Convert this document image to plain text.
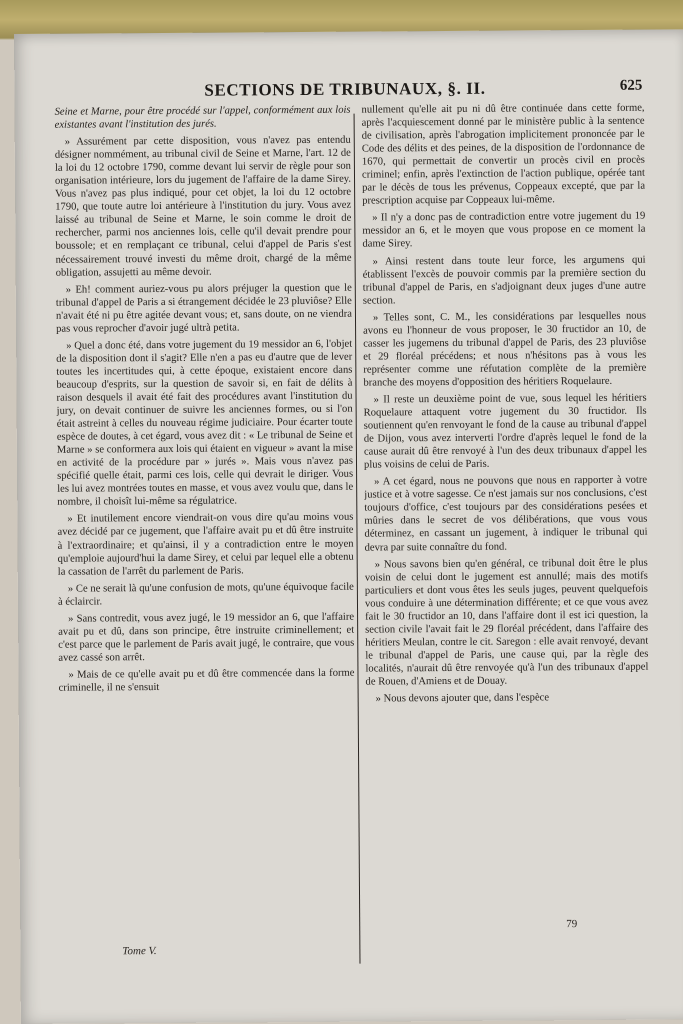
SECTIONS DE TRIBUNAUX, §. II.	625

Seine et Marne, pour être procédé sur l'appel, conformément aux lois existantes avant l'institution des jurés.

» Assurément par cette disposition, vous n'avez pas entendu désigner nommément, au tribunal civil de Seine et Marne, l'art. 12 de la loi du 12 octobre 1790, comme devant lui servir de règle pour son organisation intérieure, lors du jugement de l'affaire de la dame Sirey. Vous n'avez pas plus indiqué, pour cet objet, la loi du 12 octobre 1790, que toute autre loi antérieure à l'institution du jury. Vous avez laissé au tribunal de Seine et Marne, le soin comme le droit de rechercher, parmi nos anciennes lois, celle qu'il devait prendre pour boussole; et en remplaçant ce tribunal, celui d'appel de Paris s'est nécessairement trouvé investi du même droit, chargé de la même obligation, assujetti au même devoir.

» Eh! comment auriez-vous pu alors préjuger la question que le tribunal d'appel de Paris a si étrangement décidée le 23 pluviôse? Elle n'avait été ni pu être agitée devant vous; et, sans doute, on ne viendra pas vous reprocher d'avoir jugé ultrà petita.

» Quel a donc été, dans votre jugement du 19 messidor an 6, l'objet de la disposition dont il s'agit? Elle n'en a pas eu d'autre que de lever toutes les incertitudes qui, à cette époque, existaient encore dans beaucoup d'esprits, sur la question de savoir si, en fait de délits à raison desquels il avait été fait des procédures avant l'institution du jury, on devait continuer de suivre les anciennes formes, ou si l'on était astreint à celles du nouveau régime judiciaire. Pour écarter toute espèce de doutes, à cet égard, vous avez dit : « Le tribunal de Seine et Marne » se conformera aux lois qui étaient en vigueur » avant la mise en activité de la procédure par » jurés ». Mais vous n'avez pas spécifié quelle était, parmi ces lois, celle qui devrait le diriger. Vous les lui avez montrées toutes en masse, et vous avez voulu que, dans le nombre, il choisît lui-même sa régulatrice.

» Et inutilement encore viendrait-on vous dire qu'au moins vous avez décidé par ce jugement, que l'affaire avait pu et dû être instruite à l'extraordinaire; et qu'ainsi, il y a contradiction entre le moyen qu'emploie aujourd'hui la dame Sirey, et celui par lequel elle a obtenu la cassation de l'arrêt du parlement de Paris.

» Ce ne serait là qu'une confusion de mots, qu'une équivoque facile à éclaircir.

» Sans contredit, vous avez jugé, le 19 messidor an 6, que l'affaire avait pu et dû, dans son principe, être instruite criminellement; et c'est parce que le parlement de Paris avait jugé, le contraire, que vous avez cassé son arrêt.

» Mais de ce qu'elle avait pu et dû être commencée dans la forme criminelle, il ne s'ensuit

nullement qu'elle ait pu ni dû être continuée dans cette forme, après l'acquiescement donné par le ministère public à la sentence de civilisation, après l'abrogation implicitement prononcée par le Code des délits et des peines, de la disposition de l'ordonnance de 1670, qui permettait de convertir un procès civil en procès criminel; enfin, après l'extinction de l'action publique, opérée tant par le décès de tous les prévenus, Coppeaux excepté, que par la prescription acquise par Coppeaux lui-même.

» Il n'y a donc pas de contradiction entre votre jugement du 19 messidor an 6, et le moyen que vous propose en ce moment la dame Sirey.

» Ainsi restent dans toute leur force, les argumens qui établissent l'excès de pouvoir commis par la première section du tribunal d'appel de Paris, en s'adjoignant deux juges d'une autre section.

» Telles sont, C. M., les considérations par lesquelles nous avons eu l'honneur de vous proposer, le 30 fructidor an 10, de casser les jugemens du tribunal d'appel de Paris, des 23 pluviôse et 29 floréal précédens; et nous n'hésitons pas à vous les représenter comme une réfutation complète de la première branche des moyens d'opposition des héritiers Roquelaure.

» Il reste un deuxième point de vue, sous lequel les héritiers Roquelaure attaquent votre jugement du 30 fructidor. Ils soutiennent qu'en renvoyant le fond de la cause au tribunal d'appel de Dijon, vous avez interverti l'ordre d'après lequel le fond de la cause aurait dû être renvoyé à l'un des deux tribunaux d'appel les plus voisins de celui de Paris.

» A cet égard, nous ne pouvons que nous en rapporter à votre justice et à votre sagesse. Ce n'est jamais sur nos conclusions, c'est toujours d'office, c'est toujours par des considérations pesées et mûries dans le secret de vos délibérations, que vous vous déterminez, en cassant un jugement, à indiquer le tribunal qui devra par suite connaître du fond.

» Nous savons bien qu'en général, ce tribunal doit être le plus voisin de celui dont le jugement est annullé; mais des motifs particuliers et dont vous êtes les seuls juges, peuvent quelquefois vous conduire à une détermination différente; et ce que vous avez fait le 30 fructidor an 10, dans l'affaire dont il est ici question, la section civile l'avait fait le 29 floréal précédent, dans l'affaire des héritiers Meulan, contre le cit. Saregon : elle avait renvoyé, devant le tribunal d'appel de Paris, une cause qui, par la règle des localités, n'aurait dû être renvoyée qu'à l'un des tribunaux d'appel de Rouen, d'Amiens et de Douay.

» Nous devons ajouter que, dans l'espèce

Tome V.
79
